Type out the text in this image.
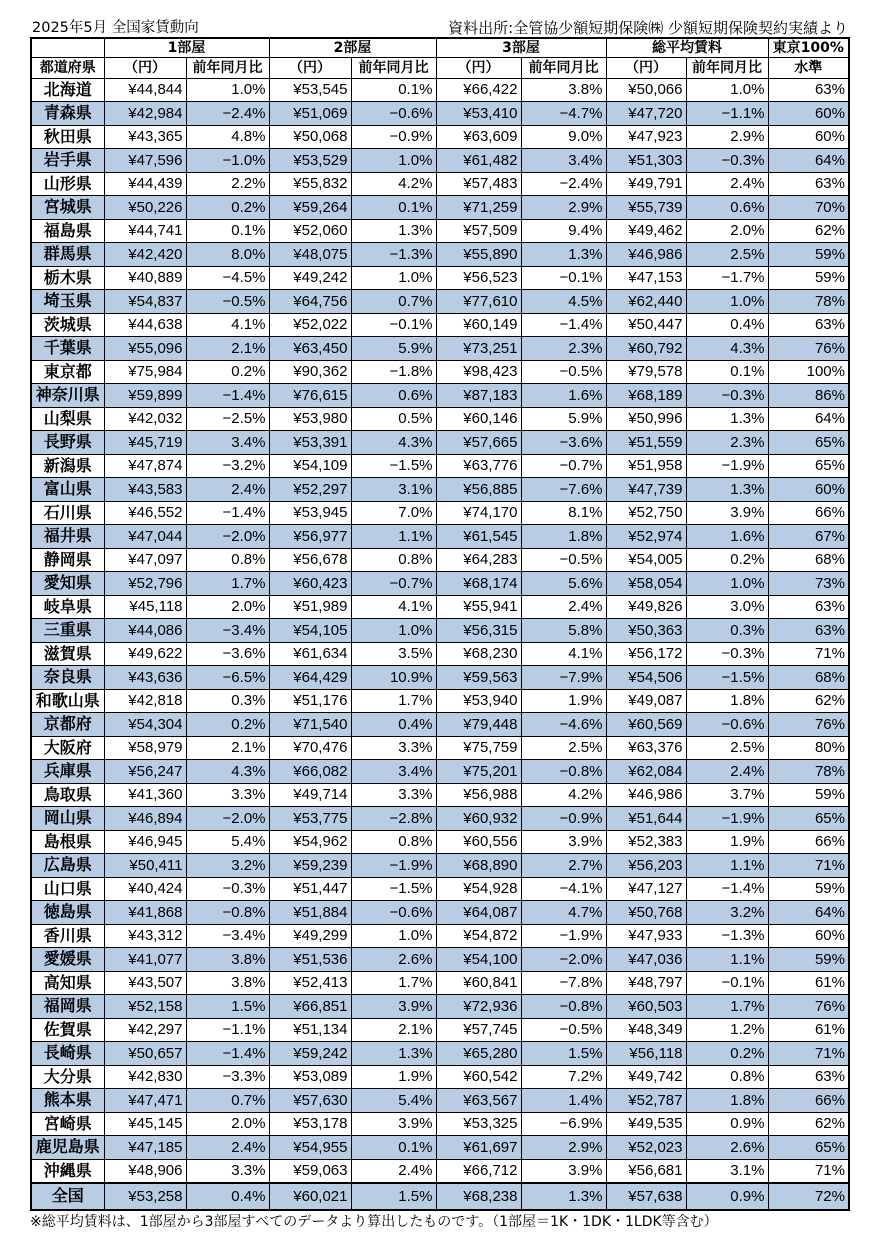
2025年5月 全国家賃動向	資料出所:全管協少額短期保険㈱ 少額短期保険契約実績より
	1部屋		2部屋		3部屋		総平均賃料		東京100%
都道府県	（円）	前年同月比	（円）	前年同月比	（円）	前年同月比	（円）	前年同月比	水準
北海道	¥44,844	1.0%	¥53,545	0.1%	¥66,422	3.8%	¥50,066	1.0%	63%
青森県	¥42,984	−2.4%	¥51,069	−0.6%	¥53,410	−4.7%	¥47,720	−1.1%	60%
秋田県	¥43,365	4.8%	¥50,068	−0.9%	¥63,609	9.0%	¥47,923	2.9%	60%
岩手県	¥47,596	−1.0%	¥53,529	1.0%	¥61,482	3.4%	¥51,303	−0.3%	64%
山形県	¥44,439	2.2%	¥55,832	4.2%	¥57,483	−2.4%	¥49,791	2.4%	63%
宮城県	¥50,226	0.2%	¥59,264	0.1%	¥71,259	2.9%	¥55,739	0.6%	70%
福島県	¥44,741	0.1%	¥52,060	1.3%	¥57,509	9.4%	¥49,462	2.0%	62%
群馬県	¥42,420	8.0%	¥48,075	−1.3%	¥55,890	1.3%	¥46,986	2.5%	59%
栃木県	¥40,889	−4.5%	¥49,242	1.0%	¥56,523	−0.1%	¥47,153	−1.7%	59%
埼玉県	¥54,837	−0.5%	¥64,756	0.7%	¥77,610	4.5%	¥62,440	1.0%	78%
茨城県	¥44,638	4.1%	¥52,022	−0.1%	¥60,149	−1.4%	¥50,447	0.4%	63%
千葉県	¥55,096	2.1%	¥63,450	5.9%	¥73,251	2.3%	¥60,792	4.3%	76%
東京都	¥75,984	0.2%	¥90,362	−1.8%	¥98,423	−0.5%	¥79,578	0.1%	100%
神奈川県	¥59,899	−1.4%	¥76,615	0.6%	¥87,183	1.6%	¥68,189	−0.3%	86%
山梨県	¥42,032	−2.5%	¥53,980	0.5%	¥60,146	5.9%	¥50,996	1.3%	64%
長野県	¥45,719	3.4%	¥53,391	4.3%	¥57,665	−3.6%	¥51,559	2.3%	65%
新潟県	¥47,874	−3.2%	¥54,109	−1.5%	¥63,776	−0.7%	¥51,958	−1.9%	65%
富山県	¥43,583	2.4%	¥52,297	3.1%	¥56,885	−7.6%	¥47,739	1.3%	60%
石川県	¥46,552	−1.4%	¥53,945	7.0%	¥74,170	8.1%	¥52,750	3.9%	66%
福井県	¥47,044	−2.0%	¥56,977	1.1%	¥61,545	1.8%	¥52,974	1.6%	67%
静岡県	¥47,097	0.8%	¥56,678	0.8%	¥64,283	−0.5%	¥54,005	0.2%	68%
愛知県	¥52,796	1.7%	¥60,423	−0.7%	¥68,174	5.6%	¥58,054	1.0%	73%
岐阜県	¥45,118	2.0%	¥51,989	4.1%	¥55,941	2.4%	¥49,826	3.0%	63%
三重県	¥44,086	−3.4%	¥54,105	1.0%	¥56,315	5.8%	¥50,363	0.3%	63%
滋賀県	¥49,622	−3.6%	¥61,634	3.5%	¥68,230	4.1%	¥56,172	−0.3%	71%
奈良県	¥43,636	−6.5%	¥64,429	10.9%	¥59,563	−7.9%	¥54,506	−1.5%	68%
和歌山県	¥42,818	0.3%	¥51,176	1.7%	¥53,940	1.9%	¥49,087	1.8%	62%
京都府	¥54,304	0.2%	¥71,540	0.4%	¥79,448	−4.6%	¥60,569	−0.6%	76%
大阪府	¥58,979	2.1%	¥70,476	3.3%	¥75,759	2.5%	¥63,376	2.5%	80%
兵庫県	¥56,247	4.3%	¥66,082	3.4%	¥75,201	−0.8%	¥62,084	2.4%	78%
鳥取県	¥41,360	3.3%	¥49,714	3.3%	¥56,988	4.2%	¥46,986	3.7%	59%
岡山県	¥46,894	−2.0%	¥53,775	−2.8%	¥60,932	−0.9%	¥51,644	−1.9%	65%
島根県	¥46,945	5.4%	¥54,962	0.8%	¥60,556	3.9%	¥52,383	1.9%	66%
広島県	¥50,411	3.2%	¥59,239	−1.9%	¥68,890	2.7%	¥56,203	1.1%	71%
山口県	¥40,424	−0.3%	¥51,447	−1.5%	¥54,928	−4.1%	¥47,127	−1.4%	59%
徳島県	¥41,868	−0.8%	¥51,884	−0.6%	¥64,087	4.7%	¥50,768	3.2%	64%
香川県	¥43,312	−3.4%	¥49,299	1.0%	¥54,872	−1.9%	¥47,933	−1.3%	60%
愛媛県	¥41,077	3.8%	¥51,536	2.6%	¥54,100	−2.0%	¥47,036	1.1%	59%
高知県	¥43,507	3.8%	¥52,413	1.7%	¥60,841	−7.8%	¥48,797	−0.1%	61%
福岡県	¥52,158	1.5%	¥66,851	3.9%	¥72,936	−0.8%	¥60,503	1.7%	76%
佐賀県	¥42,297	−1.1%	¥51,134	2.1%	¥57,745	−0.5%	¥48,349	1.2%	61%
長崎県	¥50,657	−1.4%	¥59,242	1.3%	¥65,280	1.5%	¥56,118	0.2%	71%
大分県	¥42,830	−3.3%	¥53,089	1.9%	¥60,542	7.2%	¥49,742	0.8%	63%
熊本県	¥47,471	0.7%	¥57,630	5.4%	¥63,567	1.4%	¥52,787	1.8%	66%
宮崎県	¥45,145	2.0%	¥53,178	3.9%	¥53,325	−6.9%	¥49,535	0.9%	62%
鹿児島県	¥47,185	2.4%	¥54,955	0.1%	¥61,697	2.9%	¥52,023	2.6%	65%
沖縄県	¥48,906	3.3%	¥59,063	2.4%	¥66,712	3.9%	¥56,681	3.1%	71%
全国	¥53,258	0.4%	¥60,021	1.5%	¥68,238	1.3%	¥57,638	0.9%	72%
※総平均賃料は、1部屋から3部屋すべてのデータより算出したものです。（1部屋＝1K・1DK・1LDK等含む）
